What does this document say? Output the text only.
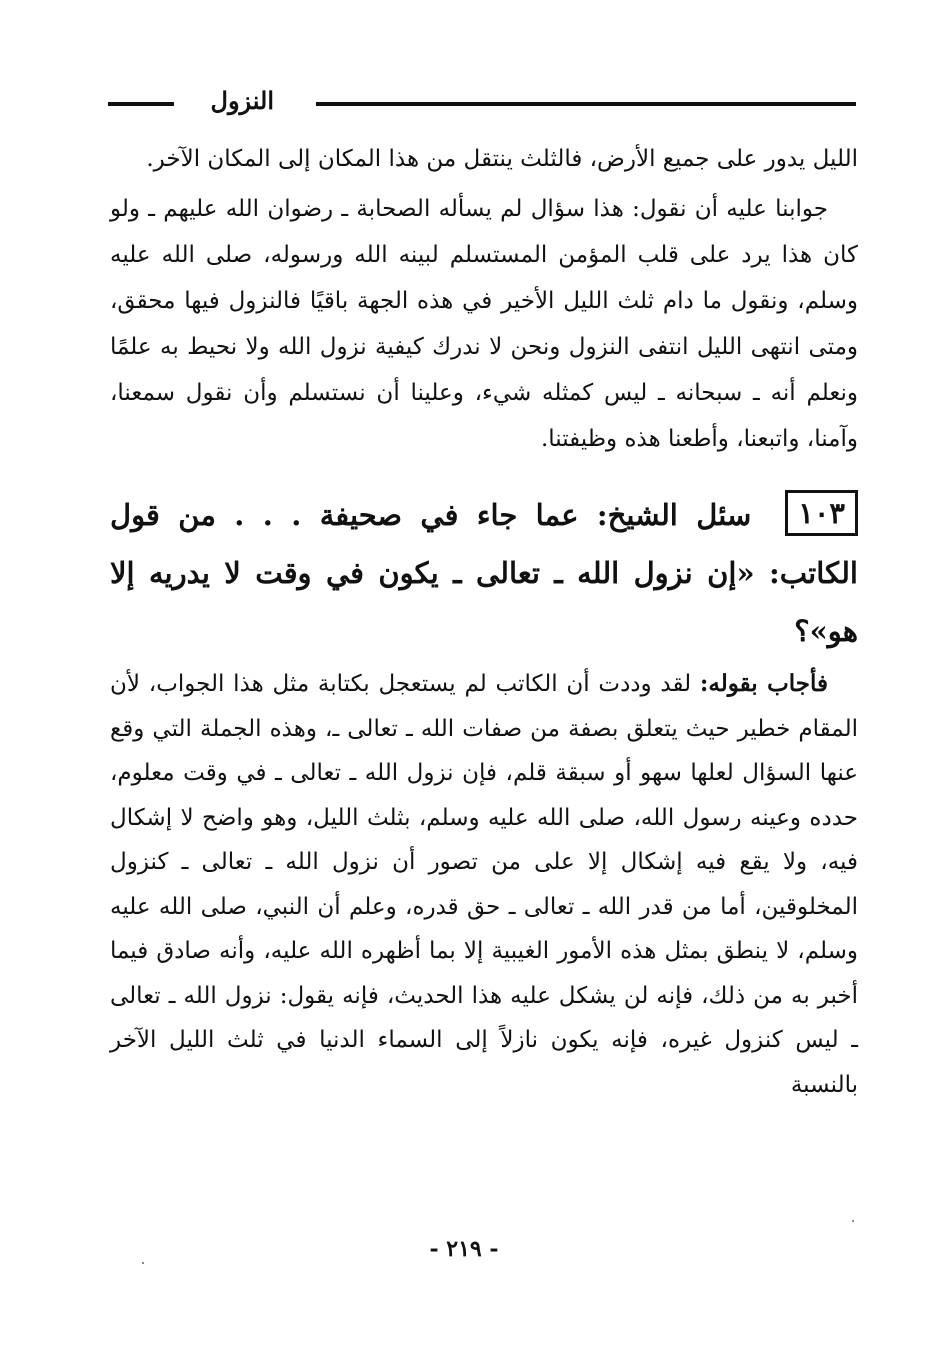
النزول

الليل يدور على جميع الأرض، فالثلث ينتقل من هذا المكان إلى المكان الآخر.

جوابنا عليه أن نقول: هذا سؤال لم يسأله الصحابة ـ رضوان الله عليهم ـ ولو كان هذا يرد على قلب المؤمن المستسلم لبينه الله ورسوله، صلى الله عليه وسلم، ونقول ما دام ثلث الليل الأخير في هذه الجهة باقيًا فالنزول فيها محقق، ومتى انتهى الليل انتفى النزول ونحن لا ندرك كيفية نزول الله ولا نحيط به علمًا ونعلم أنه ـ سبحانه ـ ليس كمثله شيء، وعلينا أن نستسلم وأن نقول سمعنا، وآمنا، واتبعنا، وأطعنا هذه وظيفتنا.

١٠٣سئل الشيخ: عما جاء في صحيفة . . . من قول الكاتب: «إن نزول الله ـ تعالى ـ يكون في وقت لا يدريه إلا هو»؟
فأجاب بقوله: لقد وددت أن الكاتب لم يستعجل بكتابة مثل هذا الجواب، لأن المقام خطير حيث يتعلق بصفة من صفات الله ـ تعالى ـ، وهذه الجملة التي وقع عنها السؤال لعلها سهو أو سبقة قلم، فإن نزول الله ـ تعالى ـ في وقت معلوم، حدده وعينه رسول الله، صلى الله عليه وسلم، بثلث الليل، وهو واضح لا إشكال فيه، ولا يقع فيه إشكال إلا على من تصور أن نزول الله ـ تعالى ـ كنزول المخلوقين، أما من قدر الله ـ تعالى ـ حق قدره، وعلم أن النبي، صلى الله عليه وسلم، لا ينطق بمثل هذه الأمور الغيبية إلا بما أظهره الله عليه، وأنه صادق فيما أخبر به من ذلك، فإنه لن يشكل عليه هذا الحديث، فإنه يقول: نزول الله ـ تعالى ـ ليس كنزول غيره، فإنه يكون نازلاً إلى السماء الدنيا في ثلث الليل الآخر بالنسبة
- ٢١٩ -
